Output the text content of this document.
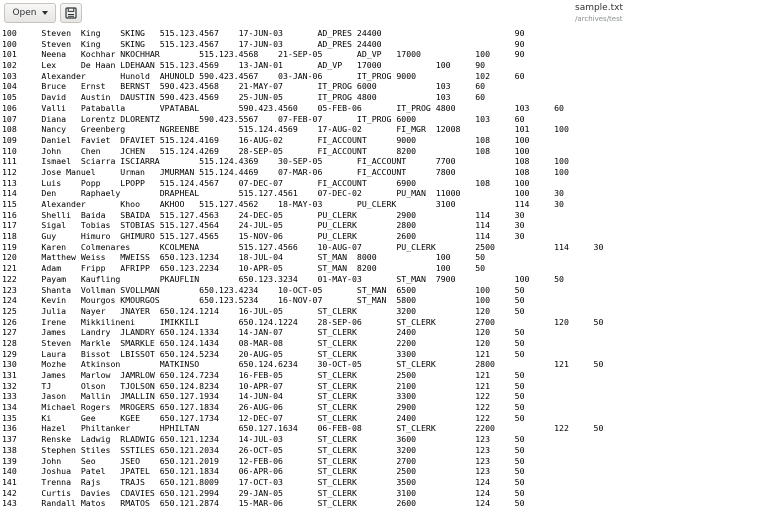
Open	sample.txt
/archives/test
100     Steven  King    SKING   515.123.4567    17-JUN-03       AD_PRES 24400                           90
100     Steven  King    SKING   515.123.4567    17-JUN-03       AD_PRES 24400                           90
101     Neena   Kochhar NKOCHHAR        515.123.4568    21-SEP-05       AD_VP   17000           100     90
102     Lex     De Haan LDEHAAN 515.123.4569    13-JAN-01       AD_VP   17000           100     90
103     Alexander       Hunold  AHUNOLD 590.423.4567    03-JAN-06       IT_PROG 9000            102     60
104     Bruce   Ernst   BERNST  590.423.4568    21-MAY-07       IT_PROG 6000            103     60
105     David   Austin  DAUSTIN 590.423.4569    25-JUN-05       IT_PROG 4800            103     60
106     Valli   Pataballa       VPATABAL        590.423.4560    05-FEB-06       IT_PROG 4800            103     60
107     Diana   Lorentz DLORENTZ        590.423.5567    07-FEB-07       IT_PROG 6000            103     60
108     Nancy   Greenberg       NGREENBE        515.124.4569    17-AUG-02       FI_MGR  12008           101     100
109     Daniel  Faviet  DFAVIET 515.124.4169    16-AUG-02       FI_ACCOUNT      9000            108     100
110     John    Chen    JCHEN   515.124.4269    28-SEP-05       FI_ACCOUNT      8200            108     100
111     Ismael  Sciarra ISCIARRA        515.124.4369    30-SEP-05       FI_ACCOUNT      7700            108     100
112     Jose Manuel     Urman   JMURMAN 515.124.4469    07-MAR-06       FI_ACCOUNT      7800            108     100
113     Luis    Popp    LPOPP   515.124.4567    07-DEC-07       FI_ACCOUNT      6900            108     100
114     Den     Raphaely        DRAPHEAL        515.127.4561    07-DEC-02       PU_MAN  11000           100     30
115     Alexander       Khoo    AKHOO   515.127.4562    18-MAY-03       PU_CLERK        3100            114     30
116     Shelli  Baida   SBAIDA  515.127.4563    24-DEC-05       PU_CLERK        2900            114     30
117     Sigal   Tobias  STOBIAS 515.127.4564    24-JUL-05       PU_CLERK        2800            114     30
118     Guy     Himuro  GHIMURO 515.127.4565    15-NOV-06       PU_CLERK        2600            114     30
119     Karen   Colmenares      KCOLMENA        515.127.4566    10-AUG-07       PU_CLERK        2500            114     30
120     Matthew Weiss   MWEISS  650.123.1234    18-JUL-04       ST_MAN  8000            100     50
121     Adam    Fripp   AFRIPP  650.123.2234    10-APR-05       ST_MAN  8200            100     50
122     Payam   Kaufling        PKAUFLIN        650.123.3234    01-MAY-03       ST_MAN  7900            100     50
123     Shanta  Vollman SVOLLMAN        650.123.4234    10-OCT-05       ST_MAN  6500            100     50
124     Kevin   Mourgos KMOURGOS        650.123.5234    16-NOV-07       ST_MAN  5800            100     50
125     Julia   Nayer   JNAYER  650.124.1214    16-JUL-05       ST_CLERK        3200            120     50
126     Irene   Mikkilineni     IMIKKILI        650.124.1224    28-SEP-06       ST_CLERK        2700            120     50
127     James   Landry  JLANDRY 650.124.1334    14-JAN-07       ST_CLERK        2400            120     50
128     Steven  Markle  SMARKLE 650.124.1434    08-MAR-08       ST_CLERK        2200            120     50
129     Laura   Bissot  LBISSOT 650.124.5234    20-AUG-05       ST_CLERK        3300            121     50
130     Mozhe   Atkinson        MATKINSO        650.124.6234    30-OCT-05       ST_CLERK        2800            121     50
131     James   Marlow  JAMRLOW 650.124.7234    16-FEB-05       ST_CLERK        2500            121     50
132     TJ      Olson   TJOLSON 650.124.8234    10-APR-07       ST_CLERK        2100            121     50
133     Jason   Mallin  JMALLIN 650.127.1934    14-JUN-04       ST_CLERK        3300            122     50
134     Michael Rogers  MROGERS 650.127.1834    26-AUG-06       ST_CLERK        2900            122     50
135     Ki      Gee     KGEE    650.127.1734    12-DEC-07       ST_CLERK        2400            122     50
136     Hazel   Philtanker      HPHILTAN        650.127.1634    06-FEB-08       ST_CLERK        2200            122     50
137     Renske  Ladwig  RLADWIG 650.121.1234    14-JUL-03       ST_CLERK        3600            123     50
138     Stephen Stiles  SSTILES 650.121.2034    26-OCT-05       ST_CLERK        3200            123     50
139     John    Seo     JSEO    650.121.2019    12-FEB-06       ST_CLERK        2700            123     50
140     Joshua  Patel   JPATEL  650.121.1834    06-APR-06       ST_CLERK        2500            123     50
141     Trenna  Rajs    TRAJS   650.121.8009    17-OCT-03       ST_CLERK        3500            124     50
142     Curtis  Davies  CDAVIES 650.121.2994    29-JAN-05       ST_CLERK        3100            124     50
143     Randall Matos   RMATOS  650.121.2874    15-MAR-06       ST_CLERK        2600            124     50
